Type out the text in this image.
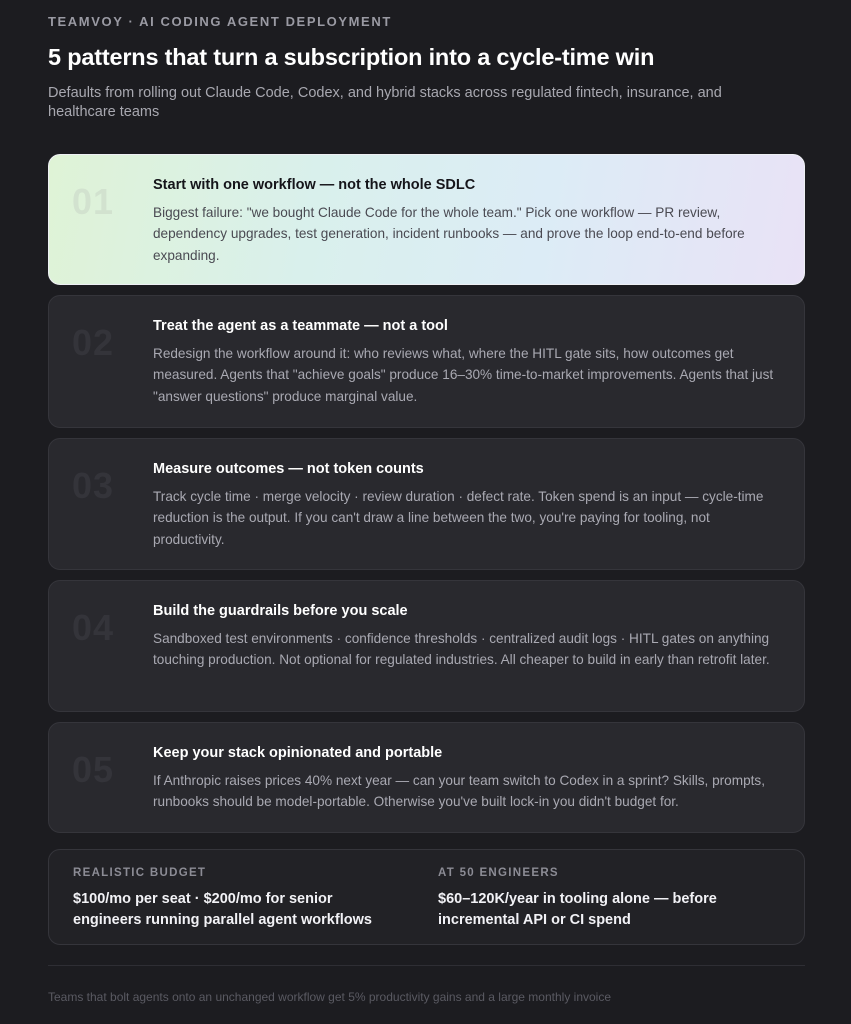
TEAMVOY · AI CODING AGENT DEPLOYMENT
5 patterns that turn a subscription into a cycle-time win
Defaults from rolling out Claude Code, Codex, and hybrid stacks across regulated fintech, insurance, and healthcare teams
01	Start with one workflow — not the whole SDLC
Biggest failure: "we bought Claude Code for the whole team." Pick one workflow — PR review, dependency upgrades, test generation, incident runbooks — and prove the loop end-to-end before expanding.
02	Treat the agent as a teammate — not a tool
Redesign the workflow around it: who reviews what, where the HITL gate sits, how outcomes get measured. Agents that "achieve goals" produce 16–30% time-to-market improvements. Agents that just "answer questions" produce marginal value.
03	Measure outcomes — not token counts
Track cycle time · merge velocity · review duration · defect rate. Token spend is an input — cycle-time reduction is the output. If you can't draw a line between the two, you're paying for tooling, not productivity.
04	Build the guardrails before you scale
Sandboxed test environments · confidence thresholds · centralized audit logs · HITL gates on anything touching production. Not optional for regulated industries. All cheaper to build in early than retrofit later.
05	Keep your stack opinionated and portable
If Anthropic raises prices 40% next year — can your team switch to Codex in a sprint? Skills, prompts, runbooks should be model-portable. Otherwise you've built lock-in you didn't budget for.
REALISTIC BUDGET
$100/mo per seat · $200/mo for senior engineers running parallel agent workflows
AT 50 ENGINEERS
$60–120K/year in tooling alone — before incremental API or CI spend
Teams that bolt agents onto an unchanged workflow get 5% productivity gains and a large monthly invoice
